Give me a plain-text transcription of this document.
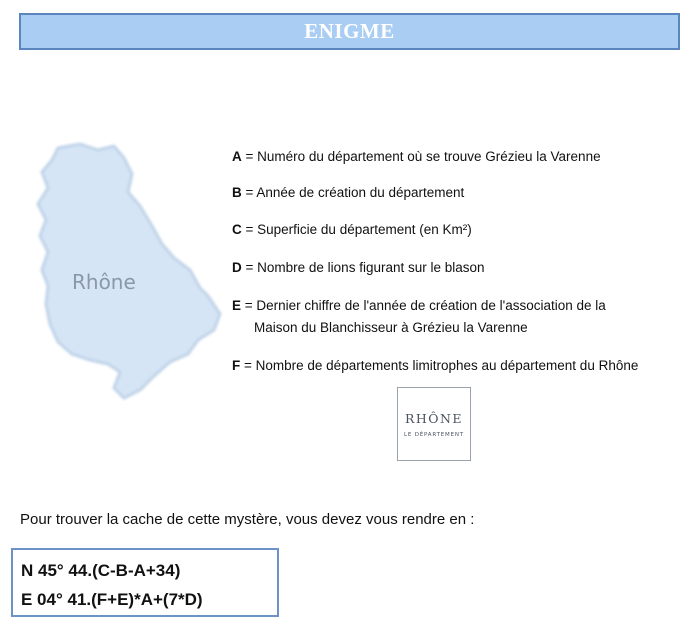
ENIGME
Rhône
A = Numéro du département où se trouve Grézieu la Varenne
B = Année de création du département
C = Superficie du département (en Km²)
D = Nombre de lions figurant sur le blason
E = Dernier chiffre de l'année de création de l'association de la
Maison du Blanchisseur à Grézieu la Varenne
F = Nombre de départements limitrophes au département du Rhône
RHÔNE
LE DÉPARTEMENT
Pour trouver la cache de cette mystère, vous devez vous rendre en :
N 45° 44.(C-B-A+34)
E 04° 41.(F+E)*A+(7*D)
